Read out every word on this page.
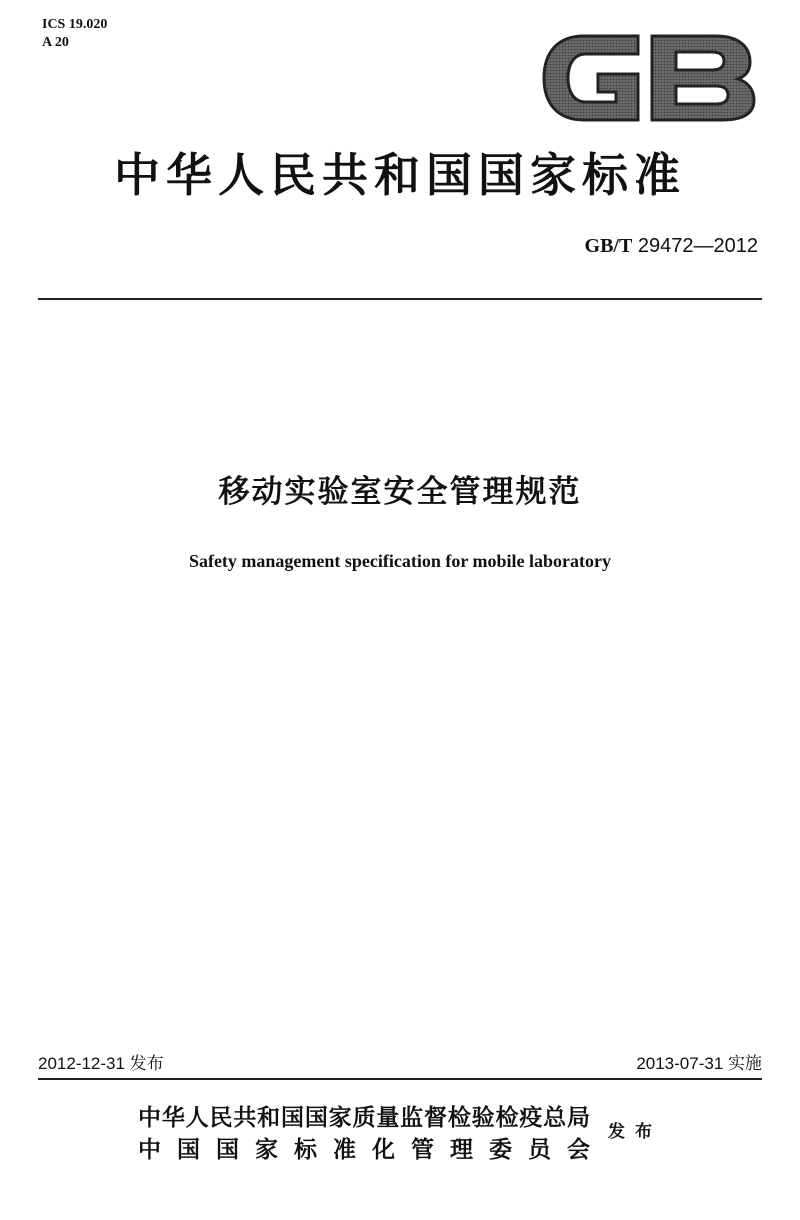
ICS 19.020
A 20
中华人民共和国国家标准
GB/T 29472—2012
移动实验室安全管理规范
Safety management specification for mobile laboratory
2012-12-31 发布	2013-07-31 实施
中华人民共和国国家质量监督检验检疫总局
中国国家标准化管理委员会
发布
